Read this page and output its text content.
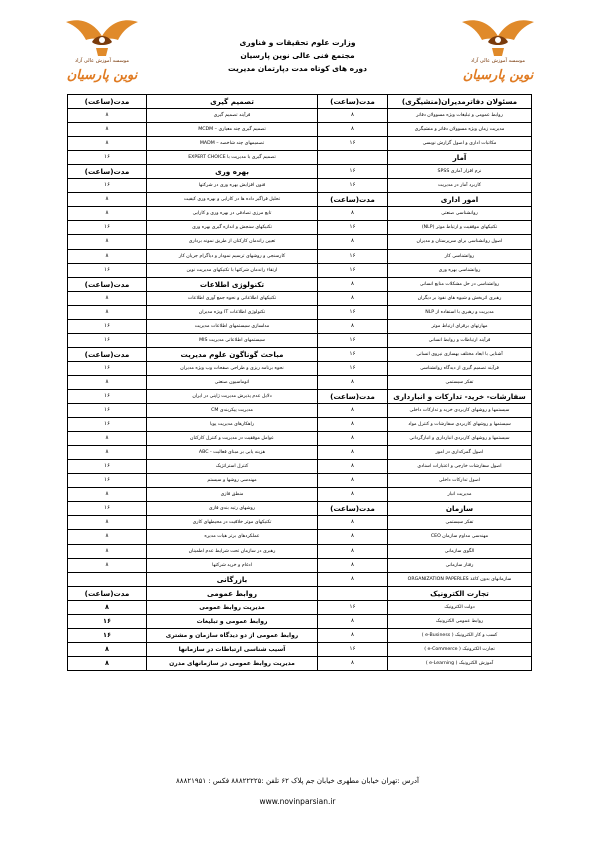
موسسه آموزش عالی آزاد
نوین پارسیان
موسسه آموزش عالی آزاد
نوین پارسیان
وزارت علوم تحقیقات و فناوری
مجتمع فنی عالی نوین پارسیان
دوره های کوتاه مدت دپارتمان مدیریت
مسئولان دفاترمدیران(منشیگری)	مدت(ساعت)	تصمیم گیری	مدت(ساعت)
روابط عمومی و تبلیغات ویژه مسوولان دفاتر	۸	فرآیند تصمیم گیری	۸
مدیریت زمان ویژه مسوولان دفاتر و منشیگری	۸	تصمیم گیری چند معیاری – MCDM	۸
مکاتبات اداری و اصول گزارش نویسی	۱۶	تصمیمهای چند شاخصه – MADM	۸
آمار		تصمیم گیری با مدیریت با EXPERT CHOICE	۱۶
نرم افزار آماری SPSS	۱۶	بهره وری	مدت(ساعت)
کاربرد آمار در مدیریت	۱۶	فنون افزایش بهره وری در شرکتها	۱۶
امور اداری	مدت(ساعت)	تحلیل فراگیر داده ها در کارایی و بهره وری کیفیت	۸
روانشناسی صنعتی	۸	تابع مرزی تصادفی در بهره وری و کارایی	۸
تکنیکهای موفقیت و ارتباط موثر (NLP)	۱۶	تکنیکهای سنجش و اندازه گیری بهره وری	۱۶
اصول روانشناسی برای سرپرستان و مدیران	۸	تعیین راندمان کارکنان از طریق نمونه برداری	۸
روانشناسی کار	۱۶	کارسنجی و روشهای ترسیم نمودار و دیاگرام جریان کار	۸
روانشناسی بهره وری	۱۶	ارتقاء راندمان شرکتها با تکنیکهای مدیریت نوین	۱۶
روانشناسی در حل مشکلات منابع انسانی	۸	تکنولوژی اطلاعات	مدت(ساعت)
رهبری اثربخش و شیوه های نفوذ بر دیگران	۸	تکنیکهای اطلاعاتی و نحوه جمع آوری اطلاعات	۸
مدیریت و رهبری با استفاده از NLP	۱۶	تکنولوژی اطلاعات IT ویژه مدیران	۸
مهارتهای برقرای ارتباط موثر	۸	مدلسازی سیستمهای اطلاعات مدیریت	۱۶
فرآیند ارتباطات و روابط انسانی	۱۶	سیستمهای اطلاعاتی مدیریت MIS	۱۶
آشنایی با ابعاد مختلف بهسازی نیروی انسانی	۱۶	مباحث گوناگون علوم مدیریت	مدت(ساعت)
فرآیند تصمیم گیری از دیدگاه روانشناسی	۱۶	نحوه برنامه ریزی و طراحی صفحات وب ویژه مدیران	۱۶
تفکر سیستمی	۸	اتوماسیون صنعتی	۸
سفارشات- خرید- تدارکات و انبارداری	مدت(ساعت)	دلایل عدم پذیرش مدیریت ژاپنی در ایران	۱۶
سیستمها و روشهای کاربردی خرید و تدارکات داخلی	۸	مدیریت پیکربندی CM	۱۶
سیستمها و روشهای کاربردی سفارشات و کنترل مواد	۸	راهکارهای مدیریت پویا	۱۶
سیستمها و روشهای کاربردی انبارداری و انبارگردانی	۸	عوامل موفقیت در مدیریت و کنترل کارکنان	۸
اصول گمرکداری در امور	۸	هزینه یابی بر مبنای فعالیت - ABC	۸
اصول سفارشات خارجی و اعتبارات اسنادی	۸	کنترل استراتژیک	۱۶
اصول تدارکات داخلی	۸	مهندسی روشها و سیستم	۱۶
مدیریت انبار	۸	منطق فازی	۸
سازمان	مدت(ساعت)	روشهای رتبه بندی فازی	۱۶
تفکر سیستمی	۸	تکنیکهای موثر خلاقیت در محیطهای کاری	۸
مهندسی مداوم سازمان CEO	۸	عملکردهای برتر هیات مدیره	۸
الگوی سازمانی	۸	رهبری در سازمان تحت شرایط عدم اطمینان	۸
رفتار سازمانی	۸	ادغام و خرید شرکتها	۸
سازمانهای بدون کاغذ ORGANIZATION PAPERLES	۸	بازرگانی	
تجارت الکترونیک		روابط عمومی	مدت(ساعت)
دولت الکترونیک	۱۶	مدیریت روابط عمومی	۸
روابط عمومی الکترونیک	۸	روابط عمومی و تبلیغات	۱۶
کسب و کار الکترونیک ( e-Business )	۸	روابط عمومی از دو دیدگاه سازمان و مشتری	۱۶
تجارت الکترونیک ( e-Commerce )	۱۶	آسیب شناسی ارتباطات در سازمانها	۸
آموزش الکترونیک ( e-Learning )	۸	مدیریت روابط عمومی در سازمانهای مدرن	۸
آدرس :تهران خیابان مطهری خیابان جم پلاک ۶۲ تلفن :۸۸۸۲۲۲۲۵ فکس : ۸۸۸۲۱۹۵۱
www.novinparsian.ir
